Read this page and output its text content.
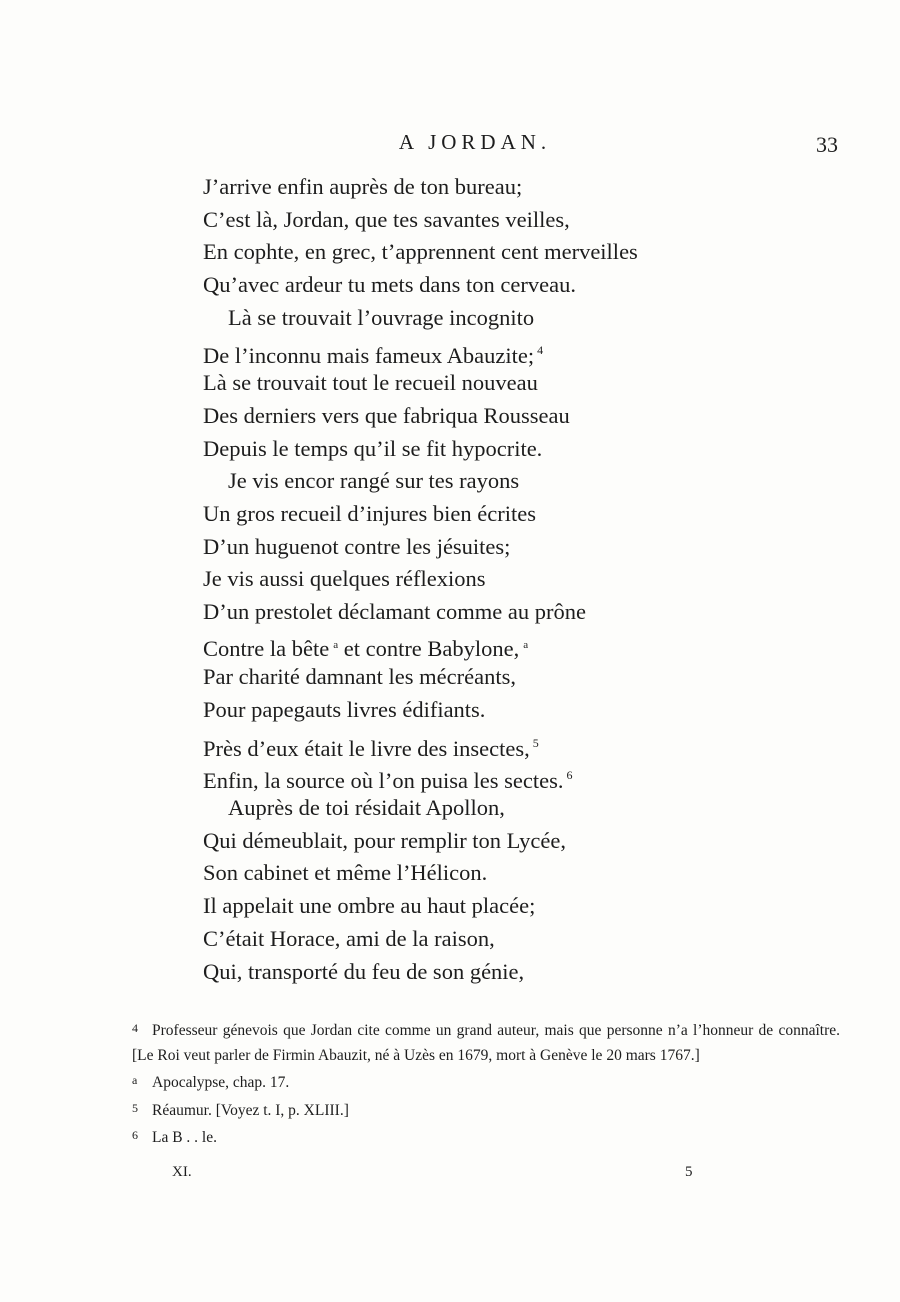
A JORDAN.	33
J’arrive enfin auprès de ton bureau;
C’est là, Jordan, que tes savantes veilles,
En cophte, en grec, t’apprennent cent merveilles
Qu’avec ardeur tu mets dans ton cerveau.
Là se trouvait l’ouvrage incognito
De l’inconnu mais fameux Abauzite; $^4$
Là se trouvait tout le recueil nouveau
Des derniers vers que fabriqua Rousseau
Depuis le temps qu’il se fit hypocrite.
Je vis encor rangé sur tes rayons
Un gros recueil d’injures bien écrites
D’un huguenot contre les jésuites;
Je vis aussi quelques réflexions
D’un prestolet déclamant comme au prône
Contre la bête $^a$ et contre Babylone, $^a$
Par charité damnant les mécréants,
Pour papegauts livres édifiants.
Près d’eux était le livre des insectes, $^5$
Enfin, la source où l’on puisa les sectes. $^6$
Auprès de toi résidait Apollon,
Qui démeublait, pour remplir ton Lycée,
Son cabinet et même l’Hélicon.
Il appelait une ombre au haut placée;
C’était Horace, ami de la raison,
Qui, transporté du feu de son génie,

4 Professeur génevois que Jordan cite comme un grand auteur, mais que personne n’a l’honneur de connaître. [Le Roi veut parler de Firmin Abauzit, né à Uzès en 1679, mort à Genève le 20 mars 1767.]

a Apocalypse, chap. 17.

5 Réaumur. [Voyez t. I, p. XLIII.]

6 La B . . le.

XI.	5
